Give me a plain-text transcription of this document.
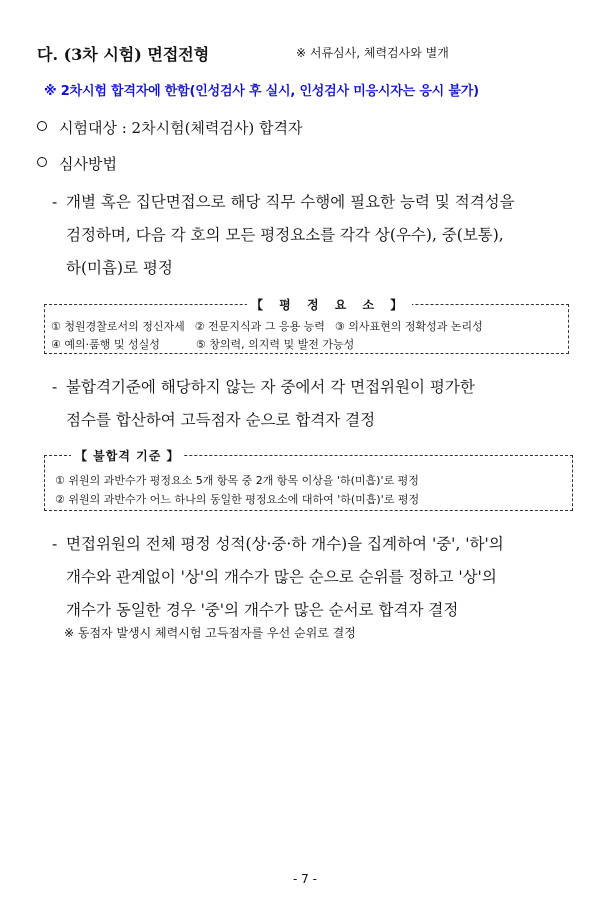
다. (3차 시험) 면접전형	※ 서류심사, 체력검사와 별개
※ 2차시험 합격자에 한함(인성검사 후 실시, 인성검사 미응시자는 응시 불가)
시험대상 : 2차시험(체력검사) 합격자
심사방법
- 개별 혹은 집단면접으로 해당 직무 수행에 필요한 능력 및 적격성을
검정하며, 다음 각 호의 모든 평정요소를 각각 상(우수), 중(보통),
하(미흡)로 평정
【 평 정 요 소 】
① 청원경찰로서의 정신자세 ② 전문지식과 그 응용 능력 ③ 의사표현의 정확성과 논리성
④ 예의·품행 및 성실성	⑤ 창의력, 의지력 및 발전 가능성
- 불합격기준에 해당하지 않는 자 중에서 각 면접위원이 평가한
점수를 합산하여 고득점자 순으로 합격자 결정
【 불합격 기준 】
① 위원의 과반수가 평정요소 5개 항목 중 2개 항목 이상을 '하(미흡)'로 평정
② 위원의 과반수가 어느 하나의 동일한 평정요소에 대하여 '하(미흡)'로 평정
- 면접위원의 전체 평정 성적(상·중·하 개수)을 집계하여 '중', '하'의
개수와 관계없이 '상'의 개수가 많은 순으로 순위를 정하고 '상'의
개수가 동일한 경우 '중'의 개수가 많은 순서로 합격자 결정
※ 동점자 발생시 체력시험 고득점자를 우선 순위로 결정
- 7 -
